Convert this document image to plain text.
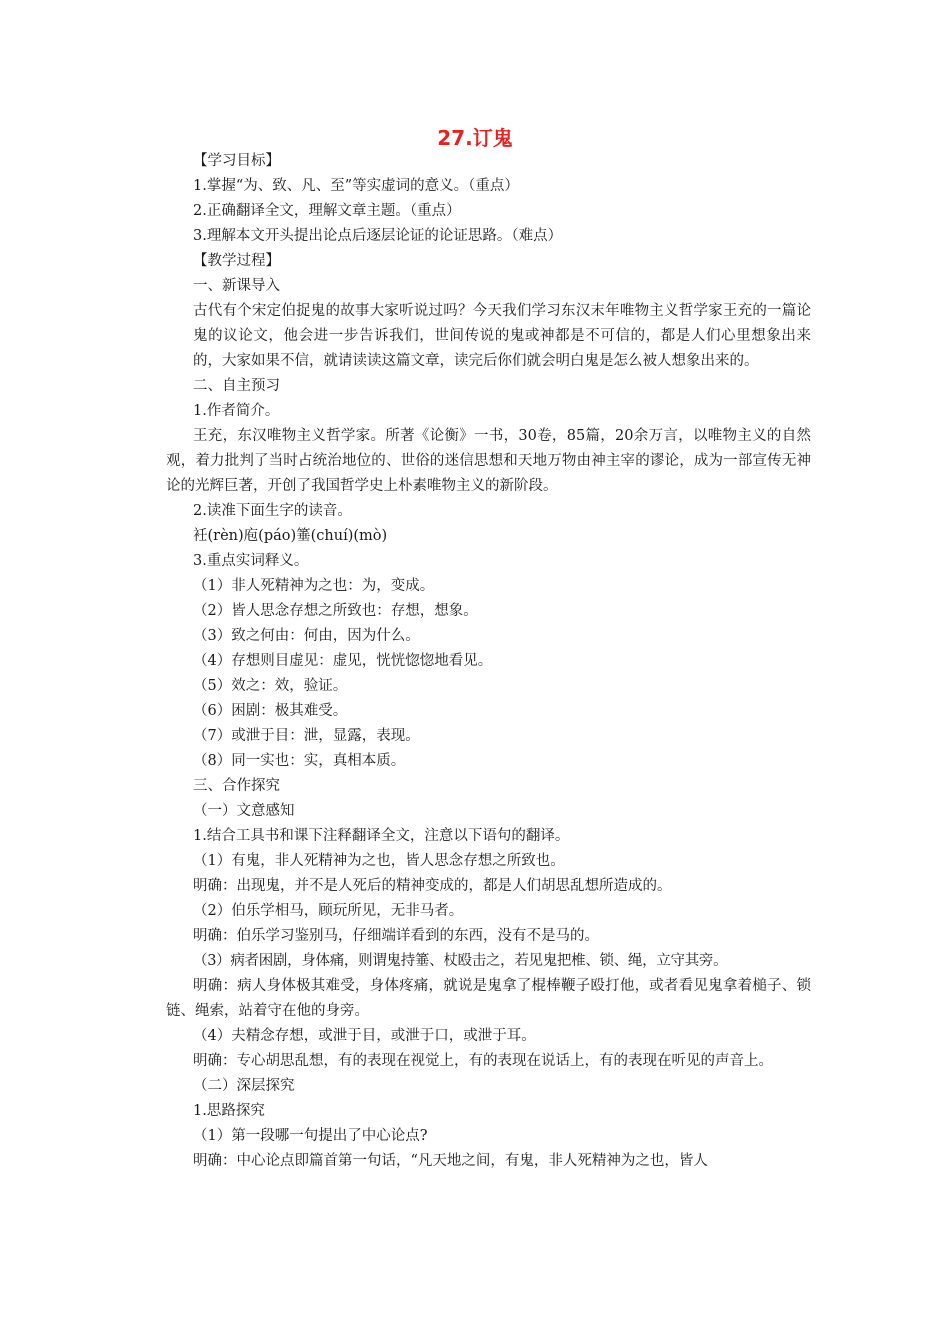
27.订鬼
【学习目标】
1.掌握“为、致、凡、至”等实虚词的意义。（重点）
2.正确翻译全文，理解文章主题。（重点）
3.理解本文开头提出论点后逐层论证的论证思路。（难点）
【教学过程】
一、新课导入
古代有个宋定伯捉鬼的故事大家听说过吗？今天我们学习东汉末年唯物主义哲学家王充的一篇论鬼的议论文，他会进一步告诉我们，世间传说的鬼或神都是不可信的，都是人们心里想象出来的，大家如果不信，就请读读这篇文章，读完后你们就会明白鬼是怎么被人想象出来的。
二、自主预习
1.作者简介。
王充，东汉唯物主义哲学家。所著《论衡》一书，30卷，85篇，20余万言，以唯物主义的自然观，着力批判了当时占统治地位的、世俗的迷信思想和天地万物由神主宰的谬论，成为一部宣传无神论的光辉巨著，开创了我国哲学史上朴素唯物主义的新阶段。
2.读准下面生字的读音。
衽(rèn)庖(páo)箠(chuí)(mò)
3.重点实词释义。
（1）非人死精神为之也：为，变成。
（2）皆人思念存想之所致也：存想，想象。
（3）致之何由：何由，因为什么。
（4）存想则目虚见：虚见，恍恍惚惚地看见。
（5）效之：效，验证。
（6）困剧：极其难受。
（7）或泄于目：泄，显露，表现。
（8）同一实也：实，真相本质。
三、合作探究
（一）文意感知
1.结合工具书和课下注释翻译全文，注意以下语句的翻译。
（1）有鬼，非人死精神为之也，皆人思念存想之所致也。
明确：出现鬼，并不是人死后的精神变成的，都是人们胡思乱想所造成的。
（2）伯乐学相马，顾玩所见，无非马者。
明确：伯乐学习鉴别马，仔细端详看到的东西，没有不是马的。
（3）病者困剧，身体痛，则谓鬼持箠、杖殴击之，若见鬼把椎、锁、绳，立守其旁。
明确：病人身体极其难受，身体疼痛，就说是鬼拿了棍棒鞭子殴打他，或者看见鬼拿着槌子、锁链、绳索，站着守在他的身旁。
（4）夫精念存想，或泄于目，或泄于口，或泄于耳。
明确：专心胡思乱想，有的表现在视觉上，有的表现在说话上，有的表现在听见的声音上。
（二）深层探究
1.思路探究
（1）第一段哪一句提出了中心论点?
明确：中心论点即篇首第一句话，“凡天地之间，有鬼，非人死精神为之也，皆人
